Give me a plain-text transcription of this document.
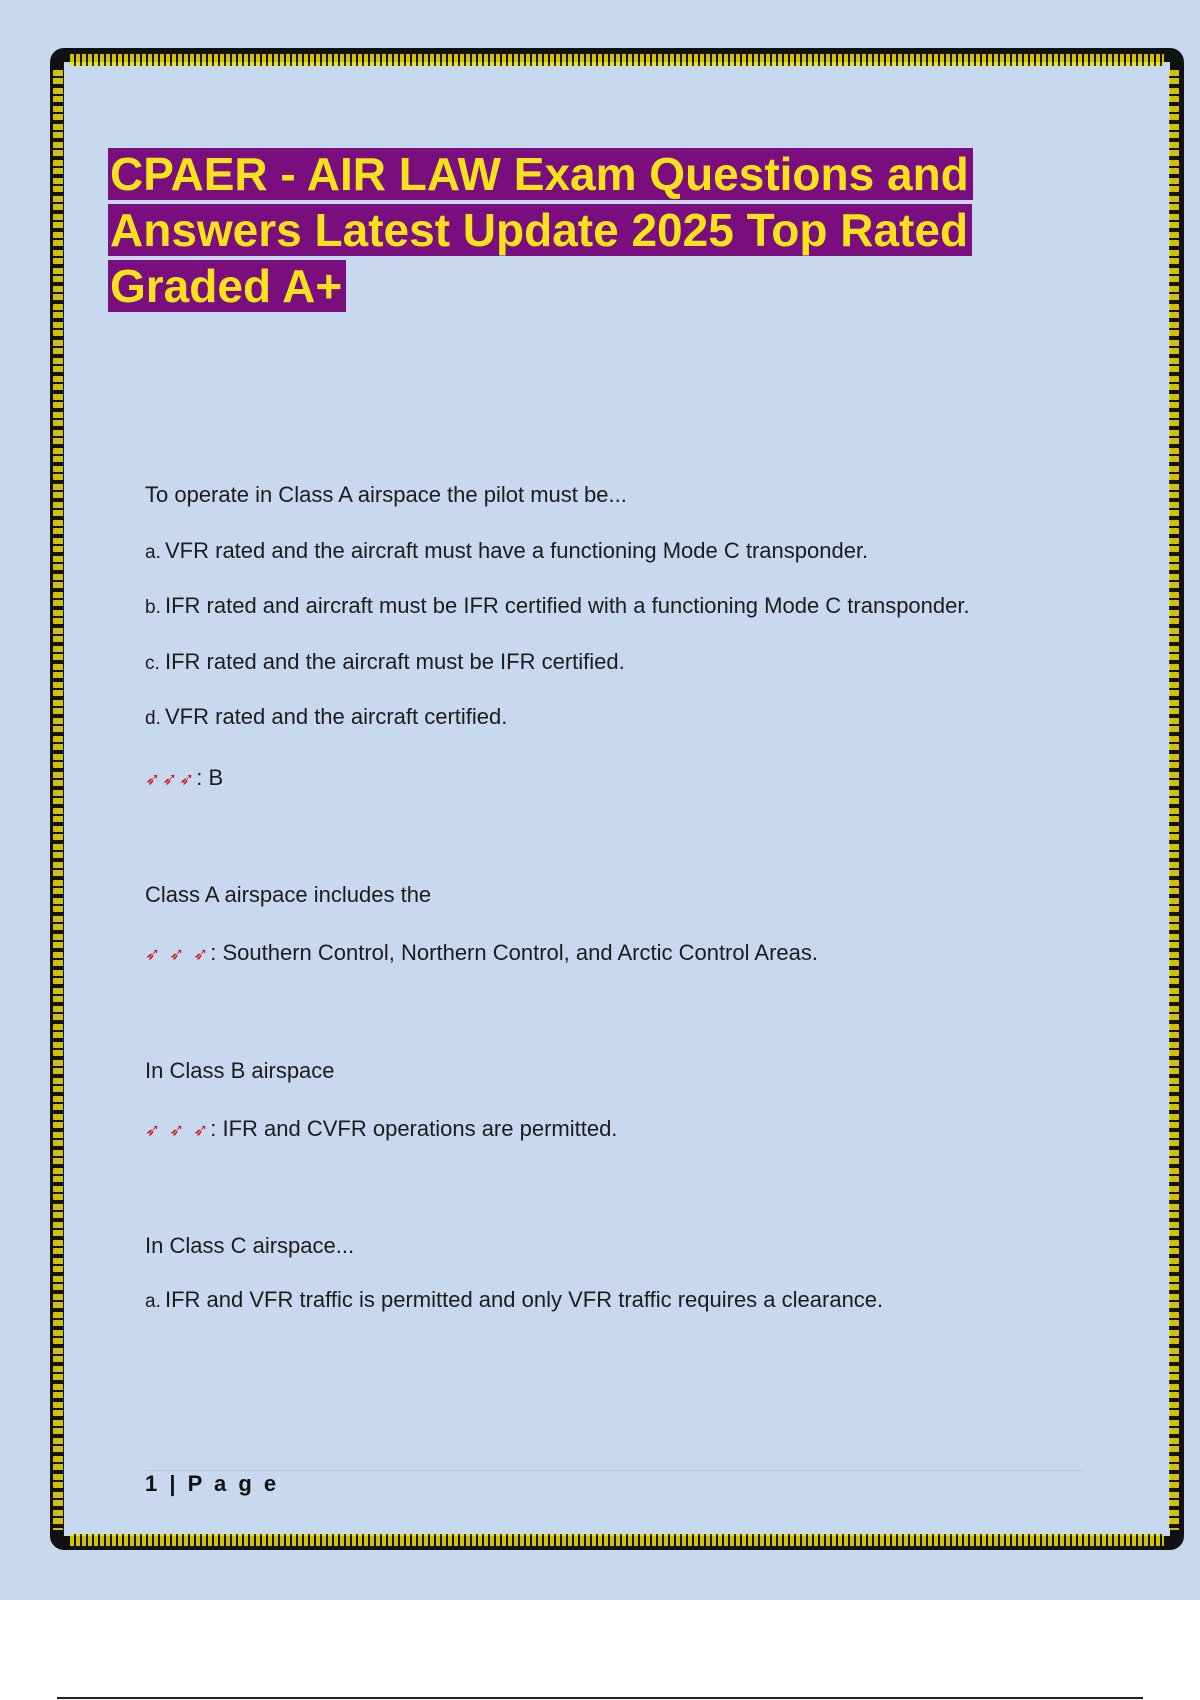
CPAER - AIR LAW Exam Questions and
Answers Latest Update 2025 Top Rated
Graded A+
To operate in Class A airspace the pilot must be...
a. VFR rated and the aircraft must have a functioning Mode C transponder.
b. IFR rated and aircraft must be IFR certified with a functioning Mode C transponder.
c. IFR rated and the aircraft must be IFR certified.
d. VFR rated and the aircraft certified.
➶➶➶: B
Class A airspace includes the
➶ ➶ ➶: Southern Control, Northern Control, and Arctic Control Areas.
In Class B airspace
➶ ➶ ➶: IFR and CVFR operations are permitted.
In Class C airspace...
a. IFR and VFR traffic is permitted and only VFR traffic requires a clearance.
1 | P a g e
